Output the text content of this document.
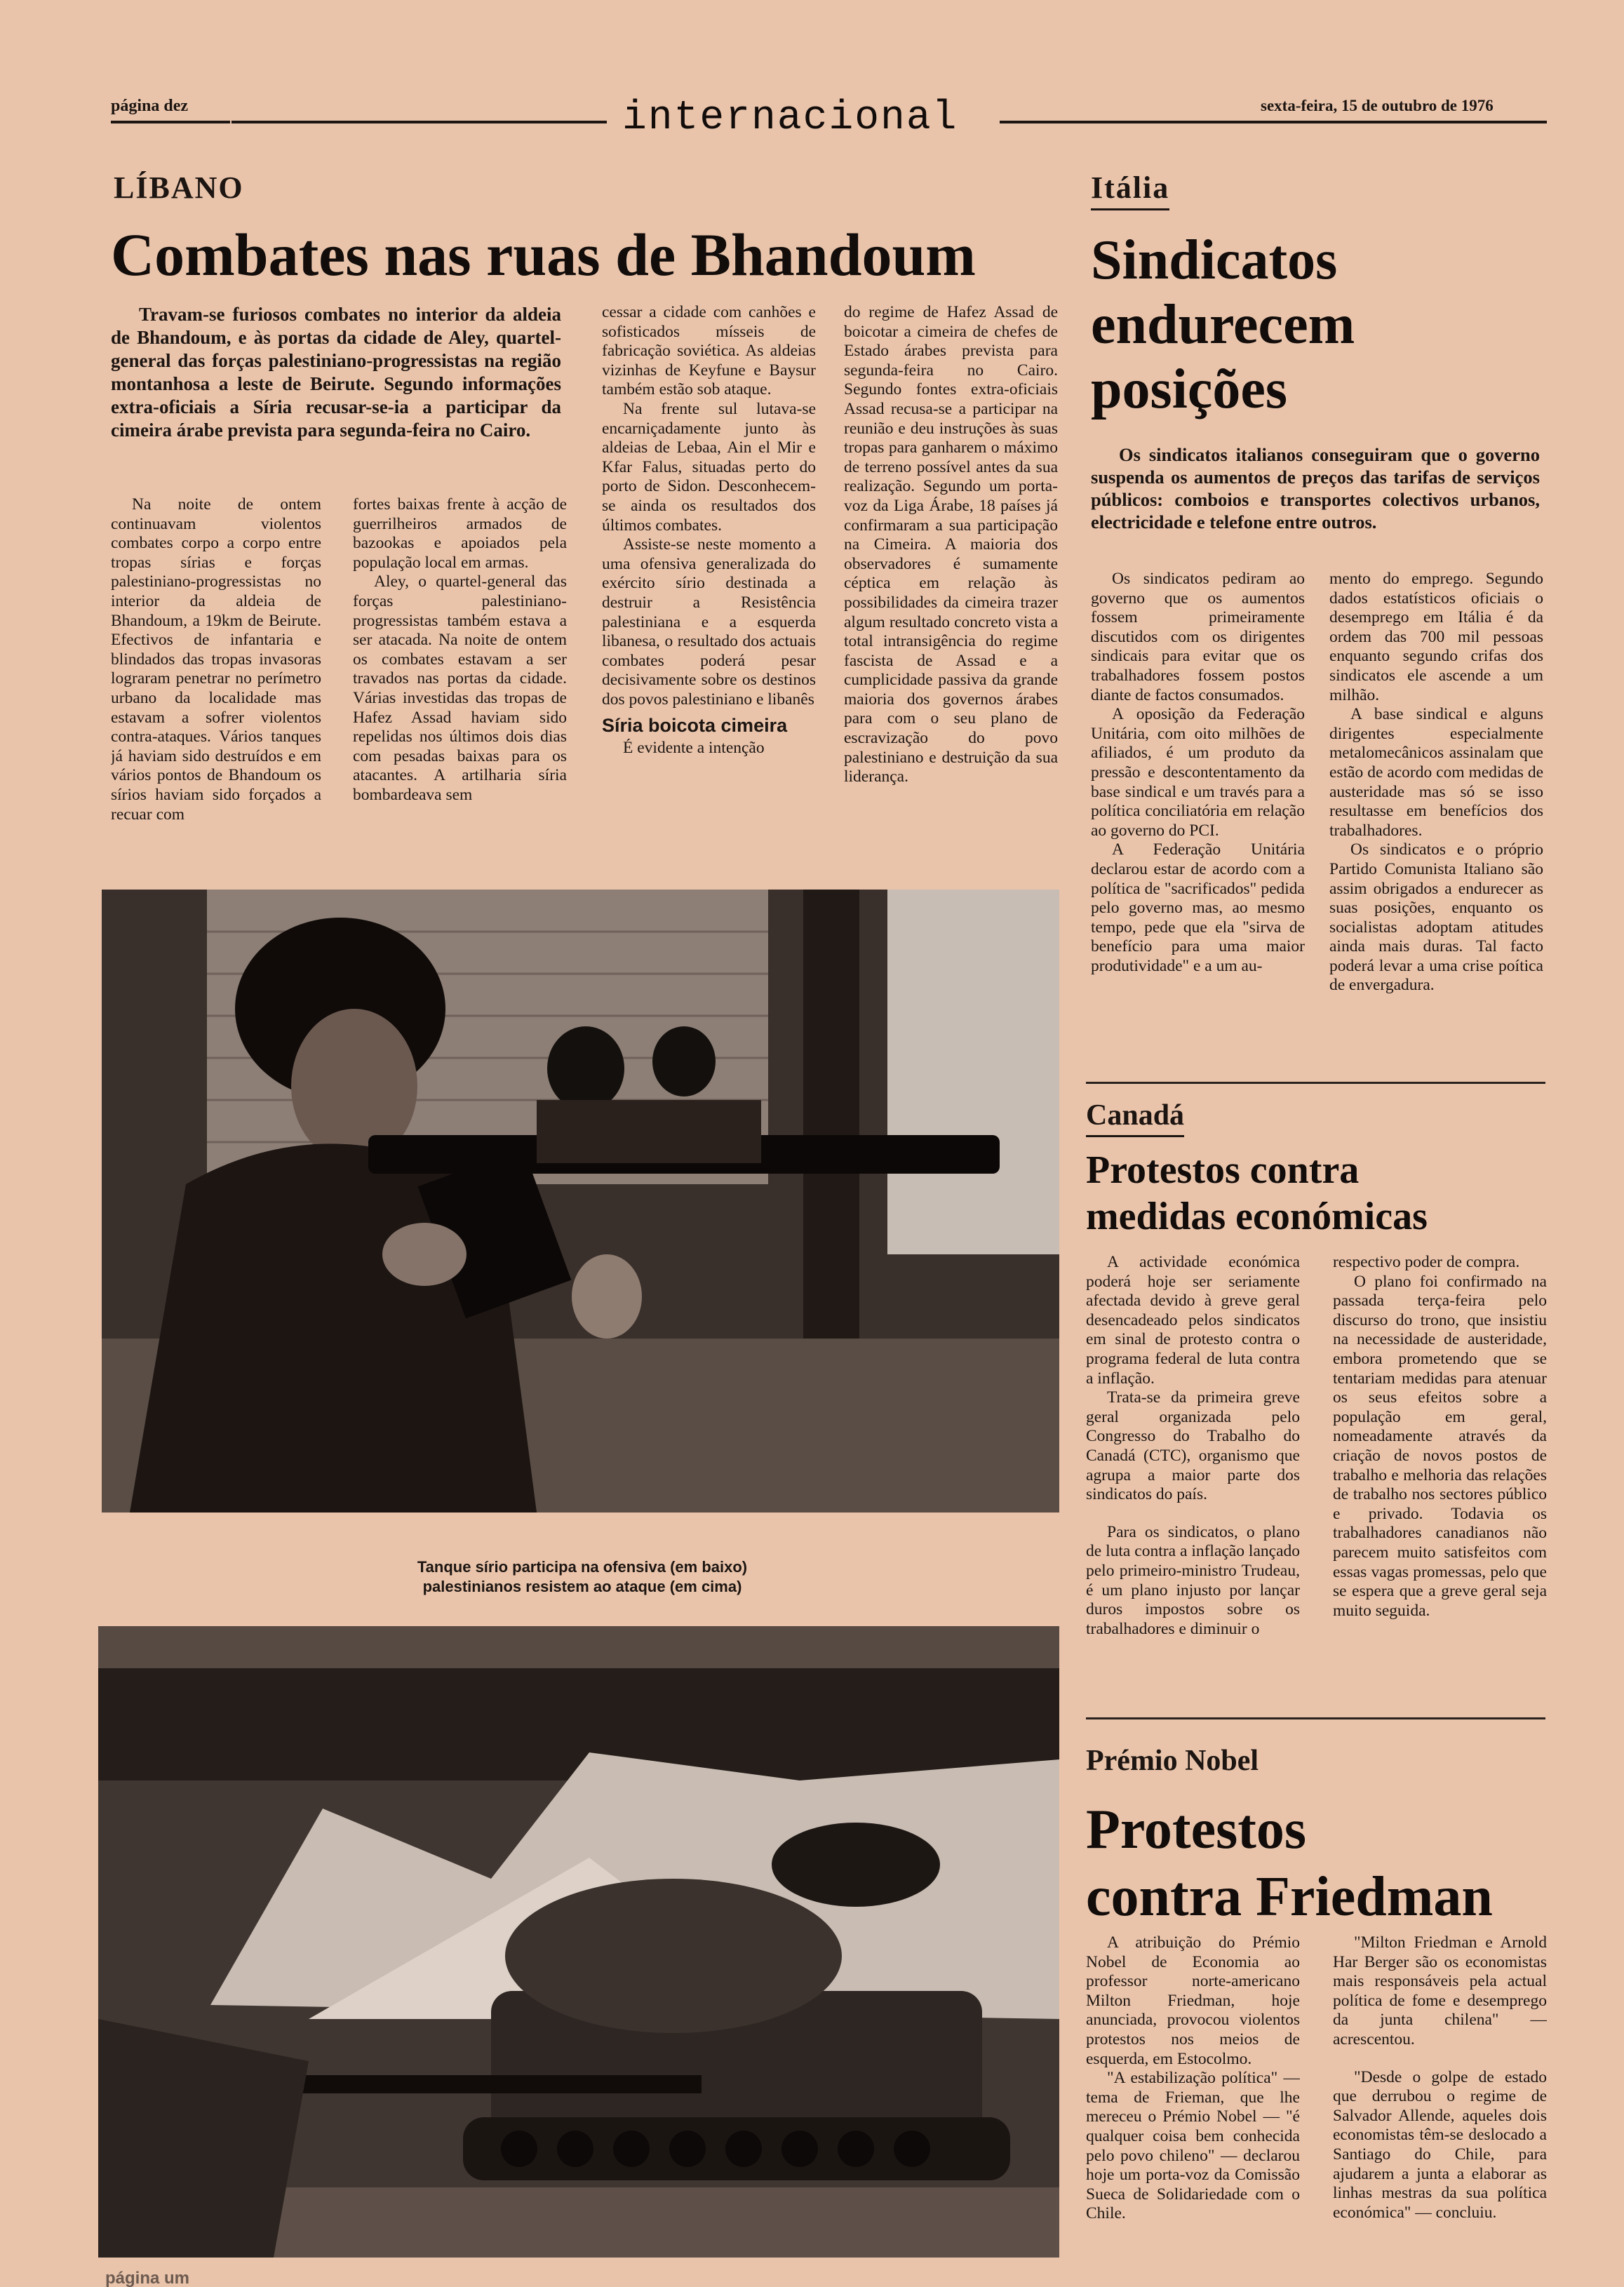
página dez	internacional	sexta-feira, 15 de outubro de 1976
LÍBANO
Combates nas ruas de Bhandoum
Travam-se furiosos combates no interior da aldeia de Bhandoum, e às portas da cidade de Aley, quartel-general das forças palestiniano-progressistas na região montanhosa a leste de Beirute. Segundo informações extra-oficiais a Síria recusar-se-ia a participar da cimeira árabe prevista para segunda-feira no Cairo.

Na noite de ontem continuavam violentos combates corpo a corpo entre tropas sírias e forças palestiniano-progressistas no interior da aldeia de Bhandoum, a 19km de Beirute. Efectivos de infantaria e blindados das tropas invasoras lograram penetrar no perímetro urbano da localidade mas estavam a sofrer violentos contra-ataques. Vários tanques já haviam sido destruídos e em vários pontos de Bhandoum os sírios haviam sido forçados a recuar com

fortes baixas frente à acção de guerrilheiros armados de bazookas e apoiados pela população local em armas.

Aley, o quartel-general das forças palestiniano-progressistas também estava a ser atacada. Na noite de ontem os combates estavam a ser travados nas portas da cidade. Várias investidas das tropas de Hafez Assad haviam sido repelidas nos últimos dois dias com pesadas baixas para os atacantes. A artilharia síria bombardeava sem

cessar a cidade com canhões e sofisticados mísseis de fabricação soviética. As aldeias vizinhas de Keyfune e Baysur também estão sob ataque.

Na frente sul lutava-se encarniçadamente junto às aldeias de Lebaa, Ain el Mir e Kfar Falus, situadas perto do porto de Sidon. Desconhecem-se ainda os resultados dos últimos combates.

Assiste-se neste momento a uma ofensiva generalizada do exército sírio destinada a destruir a Resistência palestiniana e a esquerda libanesa, o resultado dos actuais combates poderá pesar decisivamente sobre os destinos dos povos palestiniano e libanês

Síria boicota cimeira

É evidente a intenção

do regime de Hafez Assad de boicotar a cimeira de chefes de Estado árabes prevista para segunda-feira no Cairo. Segundo fontes extra-oficiais Assad recusa-se a participar na reunião e deu instruções às suas tropas para ganharem o máximo de terreno possível antes da sua realização. Segundo um porta-voz da Liga Árabe, 18 países já confirmaram a sua participação na Cimeira. A maioria dos observadores é sumamente céptica em relação às possibilidades da cimeira trazer algum resultado concreto vista a total intransigência do regime fascista de Assad e a cumplicidade passiva da grande maioria dos governos árabes para com o seu plano de escravização do povo palestiniano e destruição da sua liderança.

Tanque sírio participa na ofensiva (em baixo)
palestinianos resistem ao ataque (em cima)
Itália
Sindicatos
endurecem
posições
Os sindicatos italianos conseguiram que o governo suspenda os aumentos de preços das tarifas de serviços públicos: comboios e transportes colectivos urbanos, electricidade e telefone entre outros.

Os sindicatos pediram ao governo que os aumentos fossem primeiramente discutidos com os dirigentes sindicais para evitar que os trabalhadores fossem postos diante de factos consumados.

A oposição da Federação Unitária, com oito milhões de afiliados, é um produto da pressão e descontentamento da base sindical e um través para a política conciliatória em relação ao governo do PCI.

A Federação Unitária declarou estar de acordo com a política de "sacrificados" pedida pelo governo mas, ao mesmo tempo, pede que ela "sirva de benefício para uma maior produtividade" e a um au-

mento do emprego. Segundo dados estatísticos oficiais o desemprego em Itália é da ordem das 700 mil pessoas enquanto segundo crifas dos sindicatos ele ascende a um milhão.

A base sindical e alguns dirigentes especialmente metalomecânicos assinalam que estão de acordo com medidas de austeridade mas só se isso resultasse em benefícios dos trabalhadores.

Os sindicatos e o próprio Partido Comunista Italiano são assim obrigados a endurecer as suas posições, enquanto os socialistas adoptam atitudes ainda mais duras. Tal facto poderá levar a uma crise poítica de envergadura.

Canadá
Protestos contra
medidas económicas

A actividade económica poderá hoje ser seriamente afectada devido à greve geral desencadeado pelos sindicatos em sinal de protesto contra o programa federal de luta contra a inflação.

Trata-se da primeira greve geral organizada pelo Congresso do Trabalho do Canadá (CTC), organismo que agrupa a maior parte dos sindicatos do país.

Para os sindicatos, o plano de luta contra a inflação lançado pelo primeiro-ministro Trudeau, é um plano injusto por lançar duros impostos sobre os trabalhadores e diminuir o

respectivo poder de compra.

O plano foi confirmado na passada terça-feira pelo discurso do trono, que insistiu na necessidade de austeridade, embora prometendo que se tentariam medidas para atenuar os seus efeitos sobre a população em geral, nomeadamente através da criação de novos postos de trabalho e melhoria das relações de trabalho nos sectores público e privado. Todavia os trabalhadores canadianos não parecem muito satisfeitos com essas vagas promessas, pelo que se espera que a greve geral seja muito seguida.

Prémio Nobel
Protestos
contra Friedman

A atribuição do Prémio Nobel de Economia ao professor norte-americano Milton Friedman, hoje anunciada, provocou violentos protestos nos meios de esquerda, em Estocolmo.

"A estabilização política" — tema de Frieman, que lhe mereceu o Prémio Nobel — "é qualquer coisa bem conhecida pelo povo chileno" — declarou hoje um porta-voz da Comissão Sueca de Solidariedade com o Chile.

"Milton Friedman e Arnold Har Berger são os economistas mais responsáveis pela actual política de fome e desemprego da junta chilena" — acrescentou.

"Desde o golpe de estado que derrubou o regime de Salvador Allende, aqueles dois economistas têm-se deslocado a Santiago do Chile, para ajudarem a junta a elaborar as linhas mestras da sua política económica" — concluiu.

página um
